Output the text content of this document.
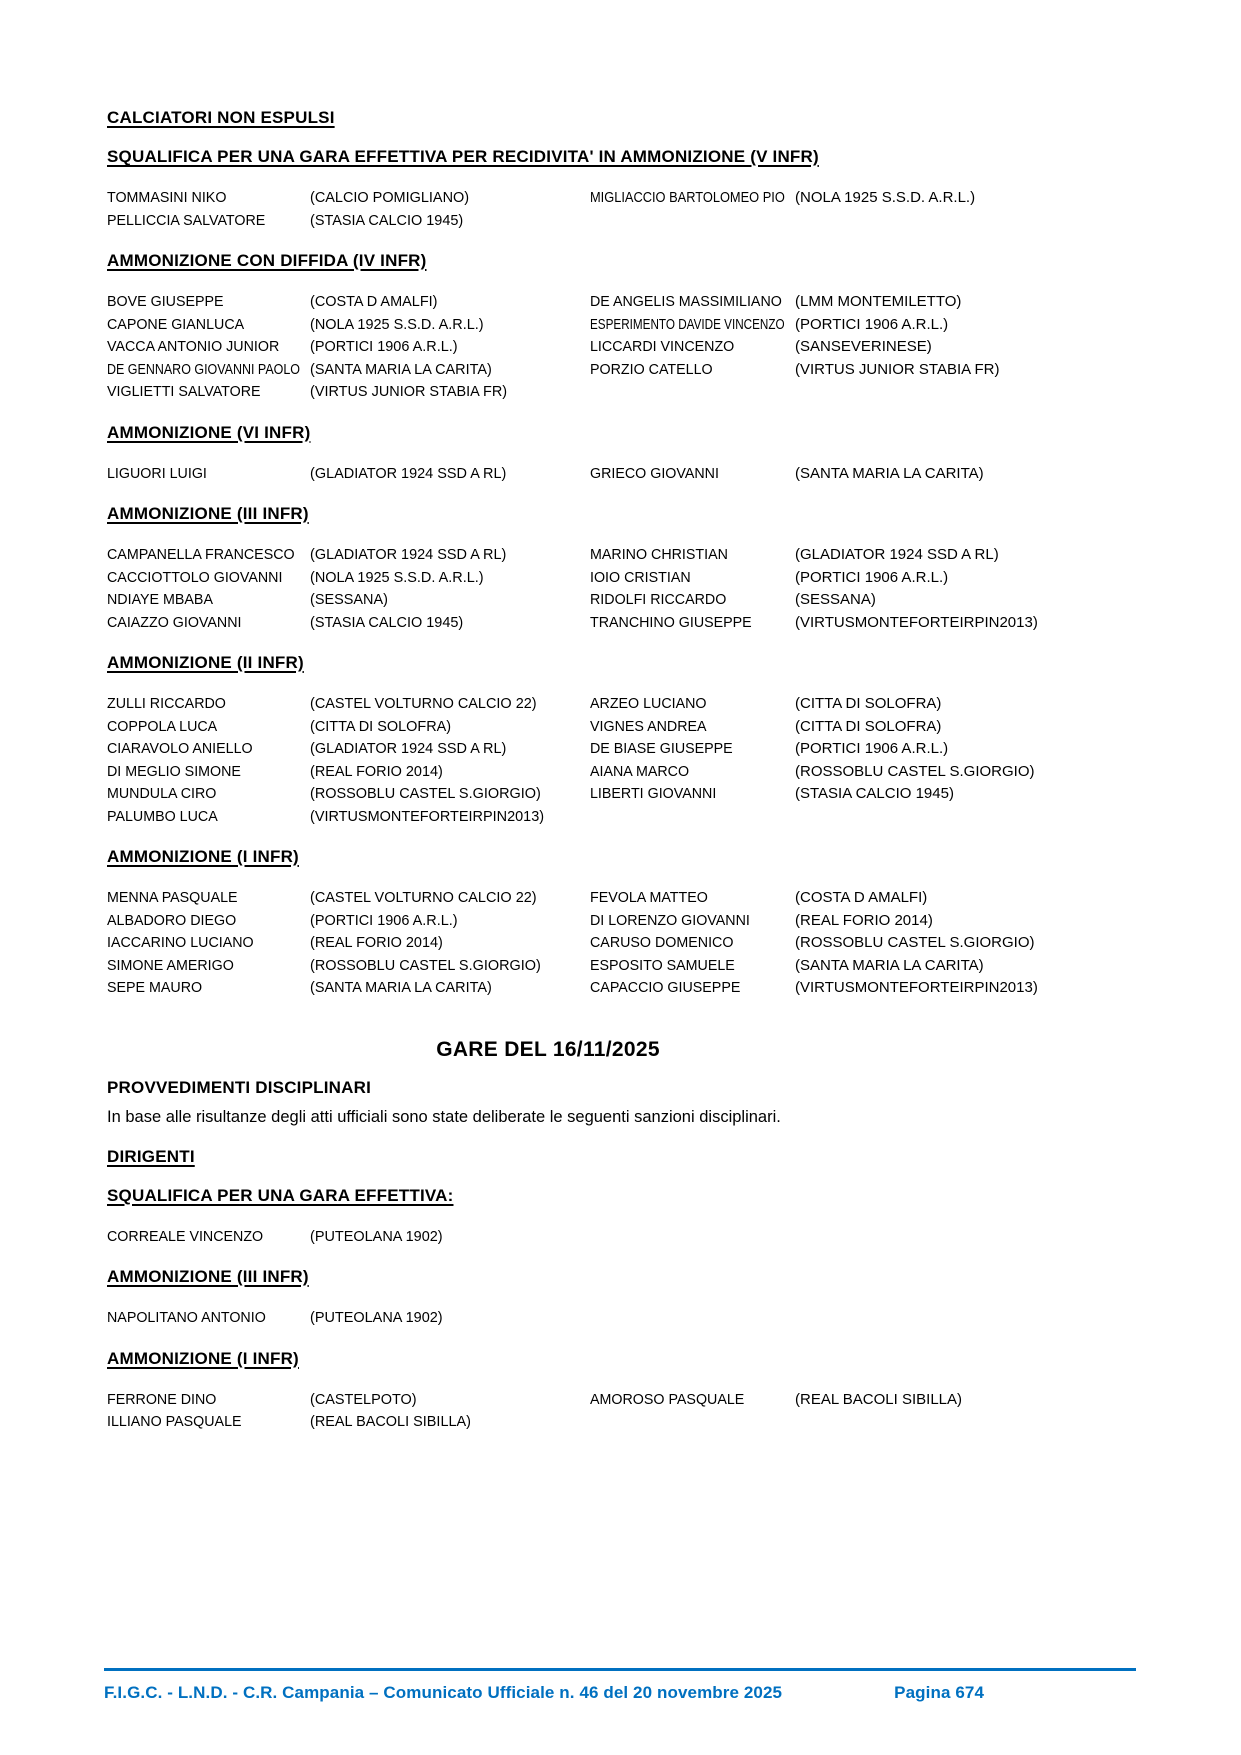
CALCIATORI NON ESPULSI
SQUALIFICA PER UNA GARA EFFETTIVA PER RECIDIVITA' IN AMMONIZIONE (V INFR)
TOMMASINI NIKO	(CALCIO POMIGLIANO)	MIGLIACCIO BARTOLOMEO PIO (NOLA 1925 S.S.D. A.R.L.)
PELLICCIA SALVATORE	(STASIA CALCIO 1945)
AMMONIZIONE CON DIFFIDA (IV INFR)
BOVE GIUSEPPE	(COSTA D AMALFI)	DE ANGELIS MASSIMILIANO (LMM MONTEMILETTO)
CAPONE GIANLUCA	(NOLA 1925 S.S.D. A.R.L.)	ESPERIMENTO DAVIDE VINCENZO (PORTICI 1906 A.R.L.)
VACCA ANTONIO JUNIOR	(PORTICI 1906 A.R.L.)	LICCARDI VINCENZO	(SANSEVERINESE)
DE GENNARO GIOVANNI PAOLO (SANTA MARIA LA CARITA)	PORZIO CATELLO	(VIRTUS JUNIOR STABIA FR)
VIGLIETTI SALVATORE	(VIRTUS JUNIOR STABIA FR)
AMMONIZIONE (VI INFR)
LIGUORI LUIGI	(GLADIATOR 1924 SSD A RL)	GRIECO GIOVANNI	(SANTA MARIA LA CARITA)
AMMONIZIONE (III INFR)
CAMPANELLA FRANCESCO	(GLADIATOR 1924 SSD A RL)	MARINO CHRISTIAN	(GLADIATOR 1924 SSD A RL)
CACCIOTTOLO GIOVANNI	(NOLA 1925 S.S.D. A.R.L.)	IOIO CRISTIAN	(PORTICI 1906 A.R.L.)
NDIAYE MBABA	(SESSANA)	RIDOLFI RICCARDO	(SESSANA)
CAIAZZO GIOVANNI	(STASIA CALCIO 1945)	TRANCHINO GIUSEPPE	(VIRTUSMONTEFORTEIRPIN2013)
AMMONIZIONE (II INFR)
ZULLI RICCARDO	(CASTEL VOLTURNO CALCIO 22)	ARZEO LUCIANO	(CITTA DI SOLOFRA)
COPPOLA LUCA	(CITTA DI SOLOFRA)	VIGNES ANDREA	(CITTA DI SOLOFRA)
CIARAVOLO ANIELLO	(GLADIATOR 1924 SSD A RL)	DE BIASE GIUSEPPE	(PORTICI 1906 A.R.L.)
DI MEGLIO SIMONE	(REAL FORIO 2014)	AIANA MARCO	(ROSSOBLU CASTEL S.GIORGIO)
MUNDULA CIRO	(ROSSOBLU CASTEL S.GIORGIO)	LIBERTI GIOVANNI	(STASIA CALCIO 1945)
PALUMBO LUCA	(VIRTUSMONTEFORTEIRPIN2013)
AMMONIZIONE (I INFR)
MENNA PASQUALE	(CASTEL VOLTURNO CALCIO 22)	FEVOLA MATTEO	(COSTA D AMALFI)
ALBADORO DIEGO	(PORTICI 1906 A.R.L.)	DI LORENZO GIOVANNI	(REAL FORIO 2014)
IACCARINO LUCIANO	(REAL FORIO 2014)	CARUSO DOMENICO	(ROSSOBLU CASTEL S.GIORGIO)
SIMONE AMERIGO	(ROSSOBLU CASTEL S.GIORGIO)	ESPOSITO SAMUELE	(SANTA MARIA LA CARITA)
SEPE MAURO	(SANTA MARIA LA CARITA)	CAPACCIO GIUSEPPE	(VIRTUSMONTEFORTEIRPIN2013)
GARE DEL 16/11/2025
PROVVEDIMENTI DISCIPLINARI

In base alle risultanze degli atti ufficiali sono state deliberate le seguenti sanzioni disciplinari.

DIRIGENTI
SQUALIFICA PER UNA GARA EFFETTIVA:
CORREALE VINCENZO	(PUTEOLANA 1902)
AMMONIZIONE (III INFR)
NAPOLITANO ANTONIO	(PUTEOLANA 1902)
AMMONIZIONE (I INFR)
FERRONE DINO	(CASTELPOTO)	AMOROSO PASQUALE	(REAL BACOLI SIBILLA)
ILLIANO PASQUALE	(REAL BACOLI SIBILLA)
F.I.G.C. - L.N.D. - C.R. Campania – Comunicato Ufficiale n. 46 del 20 novembre 2025	Pagina 674
